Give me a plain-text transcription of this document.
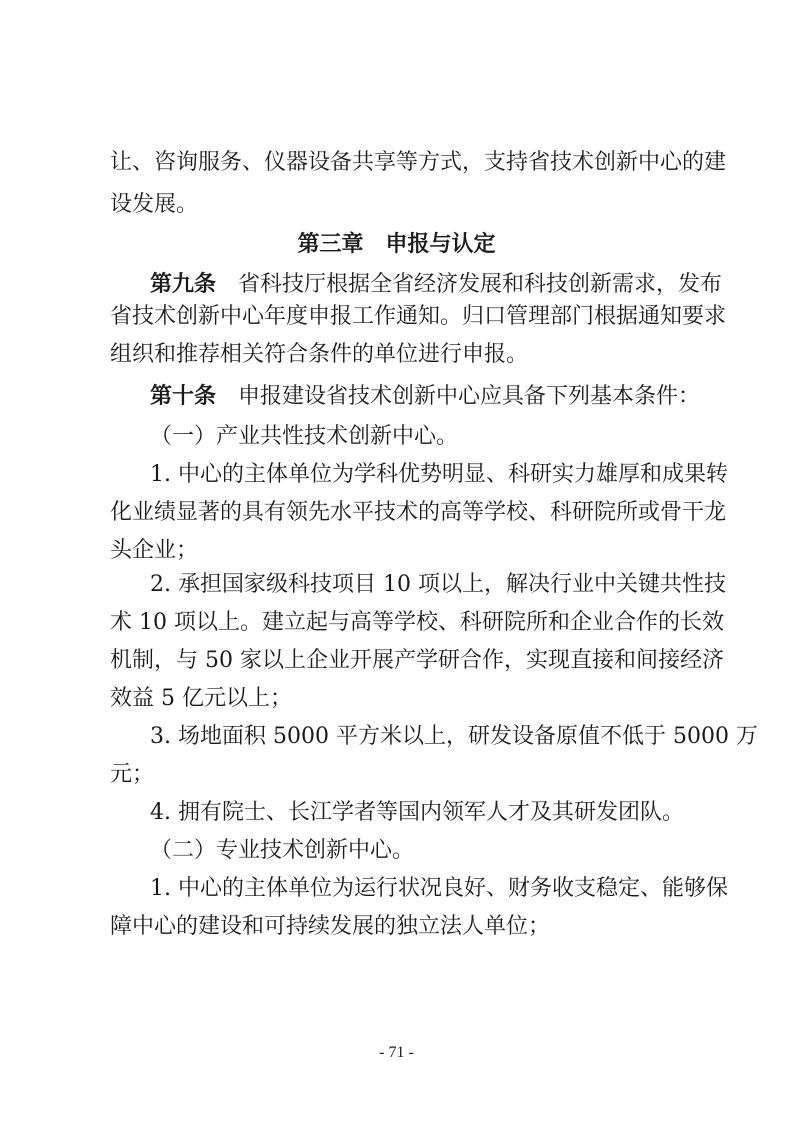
让、咨询服务、仪器设备共享等方式，支持省技术创新中心的建
设发展。
第三章　申报与认定
第九条 省科技厅根据全省经济发展和科技创新需求，发布
省技术创新中心年度申报工作通知。归口管理部门根据通知要求
组织和推荐相关符合条件的单位进行申报。
第十条 申报建设省技术创新中心应具备下列基本条件：
（一）产业共性技术创新中心。
1. 中心的主体单位为学科优势明显、科研实力雄厚和成果转
化业绩显著的具有领先水平技术的高等学校、科研院所或骨干龙
头企业；
2. 承担国家级科技项目 10 项以上，解决行业中关键共性技
术 10 项以上。建立起与高等学校、科研院所和企业合作的长效
机制，与 50 家以上企业开展产学研合作，实现直接和间接经济
效益 5 亿元以上；
3. 场地面积 5000 平方米以上，研发设备原值不低于 5000 万
元；
4. 拥有院士、长江学者等国内领军人才及其研发团队。
（二）专业技术创新中心。
1. 中心的主体单位为运行状况良好、财务收支稳定、能够保
障中心的建设和可持续发展的独立法人单位；
- 71 -
